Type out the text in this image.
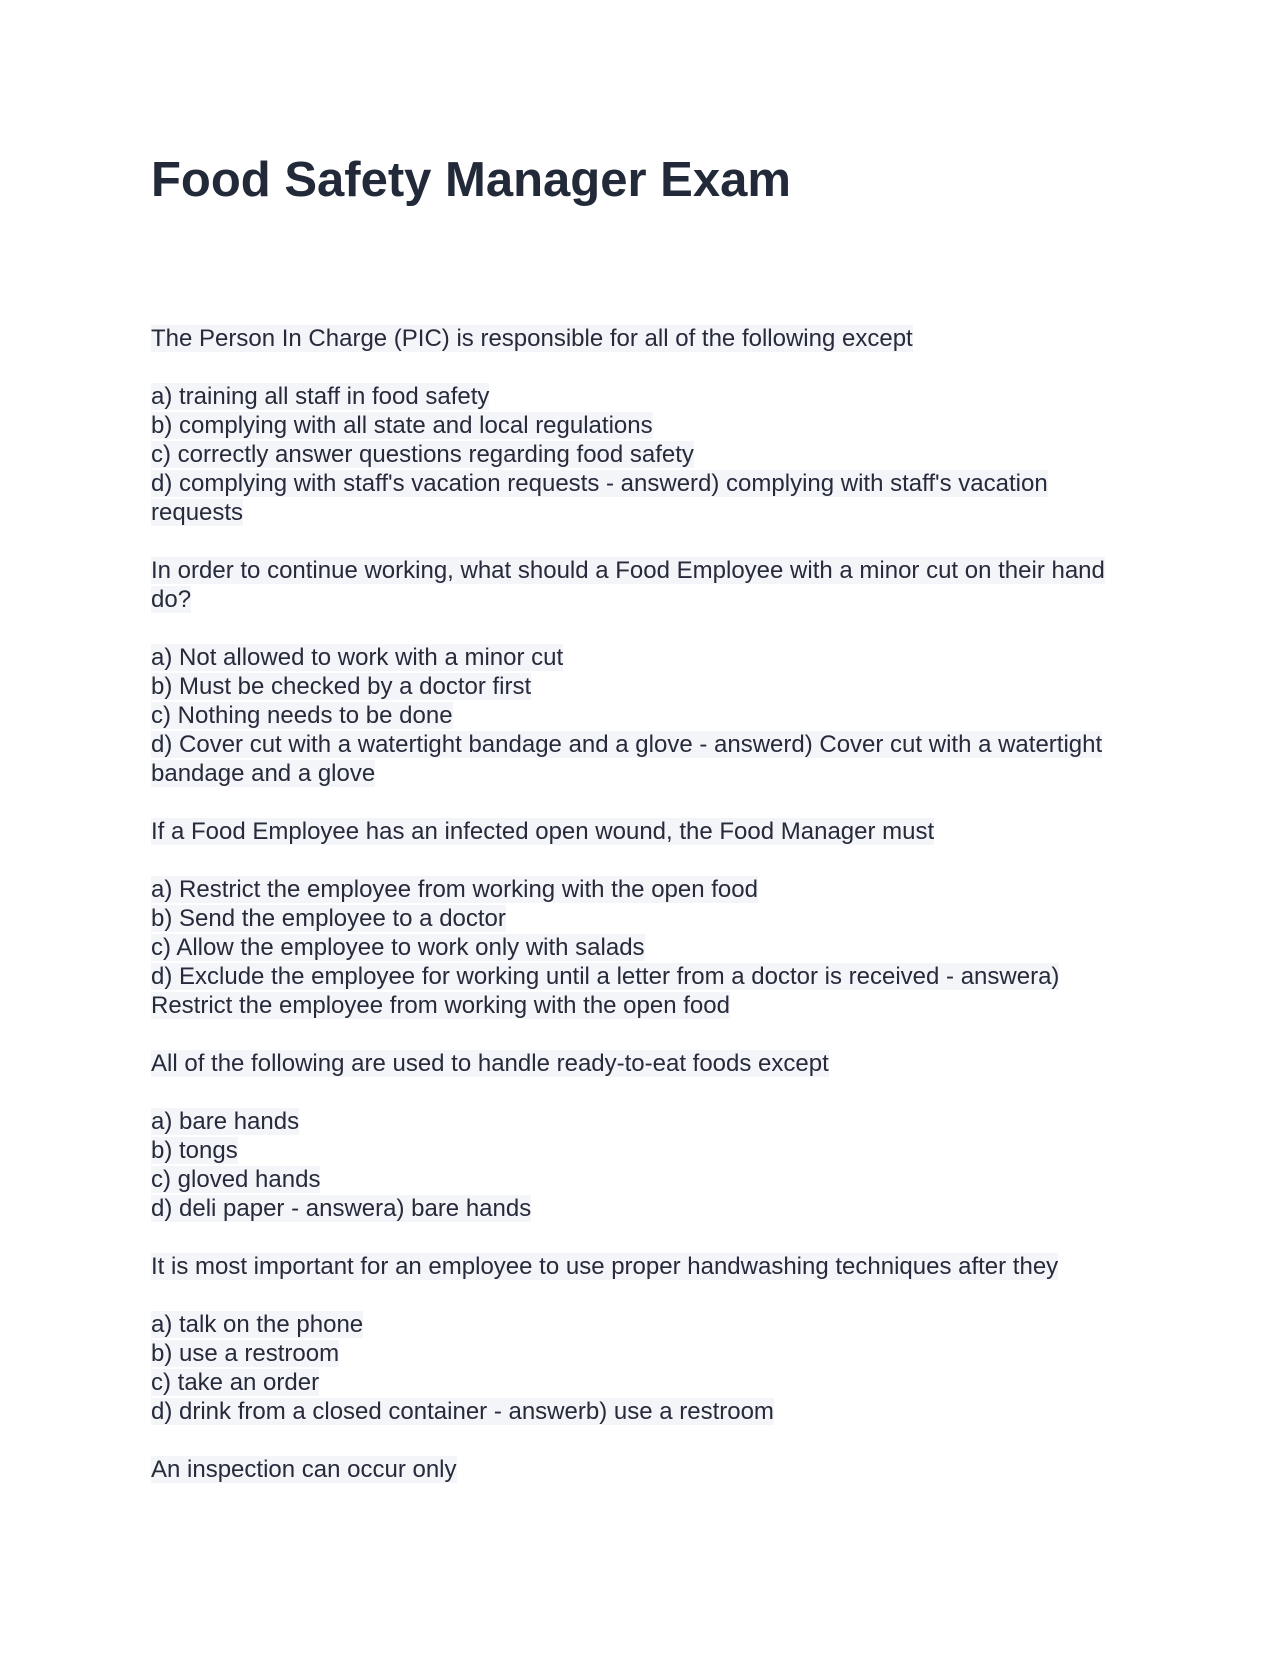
Food Safety Manager Exam
The Person In Charge (PIC) is responsible for all of the following except
a) training all staff in food safety
b) complying with all state and local regulations
c) correctly answer questions regarding food safety
d) complying with staff's vacation requests - answerd) complying with staff's vacation requests
In order to continue working, what should a Food Employee with a minor cut on their hand do?
a) Not allowed to work with a minor cut
b) Must be checked by a doctor first
c) Nothing needs to be done
d) Cover cut with a watertight bandage and a glove - answerd) Cover cut with a watertight bandage and a glove
If a Food Employee has an infected open wound, the Food Manager must
a) Restrict the employee from working with the open food
b) Send the employee to a doctor
c) Allow the employee to work only with salads
d) Exclude the employee for working until a letter from a doctor is received - answera) Restrict the employee from working with the open food
All of the following are used to handle ready-to-eat foods except
a) bare hands
b) tongs
c) gloved hands
d) deli paper - answera) bare hands
It is most important for an employee to use proper handwashing techniques after they
a) talk on the phone
b) use a restroom
c) take an order
d) drink from a closed container - answerb) use a restroom
An inspection can occur only
